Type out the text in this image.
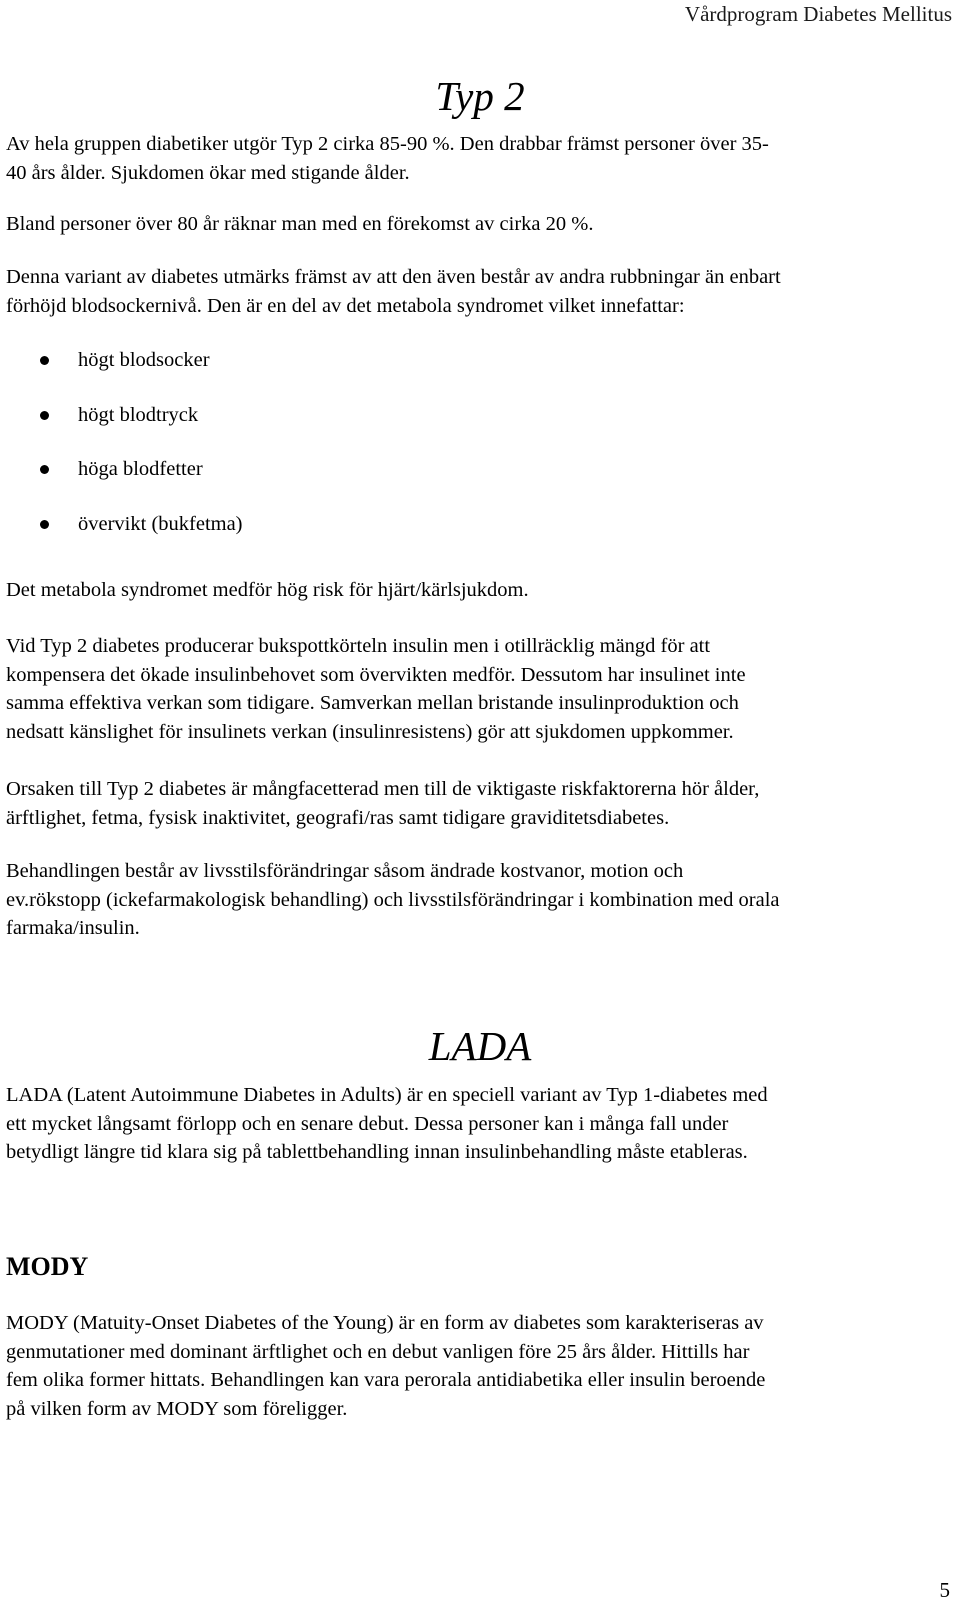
Vårdprogram Diabetes Mellitus
Typ 2

Av hela gruppen diabetiker utgör Typ 2 cirka 85-90 %. Den drabbar främst personer över 35-
40 års ålder. Sjukdomen ökar med stigande ålder.

Bland personer över 80 år räknar man med en förekomst av cirka 20 %.

Denna variant av diabetes utmärks främst av att den även består av andra rubbningar än enbart
förhöjd blodsockernivå. Den är en del av det metabola syndromet vilket innefattar:

högt blodsocker
högt blodtryck
höga blodfetter
övervikt (bukfetma)

Det metabola syndromet medför hög risk för hjärt/kärlsjukdom.

Vid Typ 2 diabetes producerar bukspottkörteln insulin men i otillräcklig mängd för att
kompensera det ökade insulinbehovet som övervikten medför. Dessutom har insulinet inte
samma effektiva verkan som tidigare. Samverkan mellan bristande insulinproduktion och
nedsatt känslighet för insulinets verkan (insulinresistens) gör att sjukdomen uppkommer.

Orsaken till Typ 2 diabetes är mångfacetterad men till de viktigaste riskfaktorerna hör ålder,
ärftlighet, fetma, fysisk inaktivitet, geografi/ras samt tidigare graviditetsdiabetes.

Behandlingen består av livsstilsförändringar såsom ändrade kostvanor, motion och
ev.rökstopp (ickefarmakologisk behandling) och livsstilsförändringar i kombination med orala
farmaka/insulin.

LADA

LADA (Latent Autoimmune Diabetes in Adults) är en speciell variant av Typ 1-diabetes med
ett mycket långsamt förlopp och en senare debut. Dessa personer kan i många fall under
betydligt längre tid klara sig på tablettbehandling innan insulinbehandling måste etableras.

MODY

MODY (Matuity-Onset Diabetes of the Young) är en form av diabetes som karakteriseras av
genmutationer med dominant ärftlighet och en debut vanligen före 25 års ålder. Hittills har
fem olika former hittats. Behandlingen kan vara perorala antidiabetika eller insulin beroende
på vilken form av MODY som föreligger.

5
